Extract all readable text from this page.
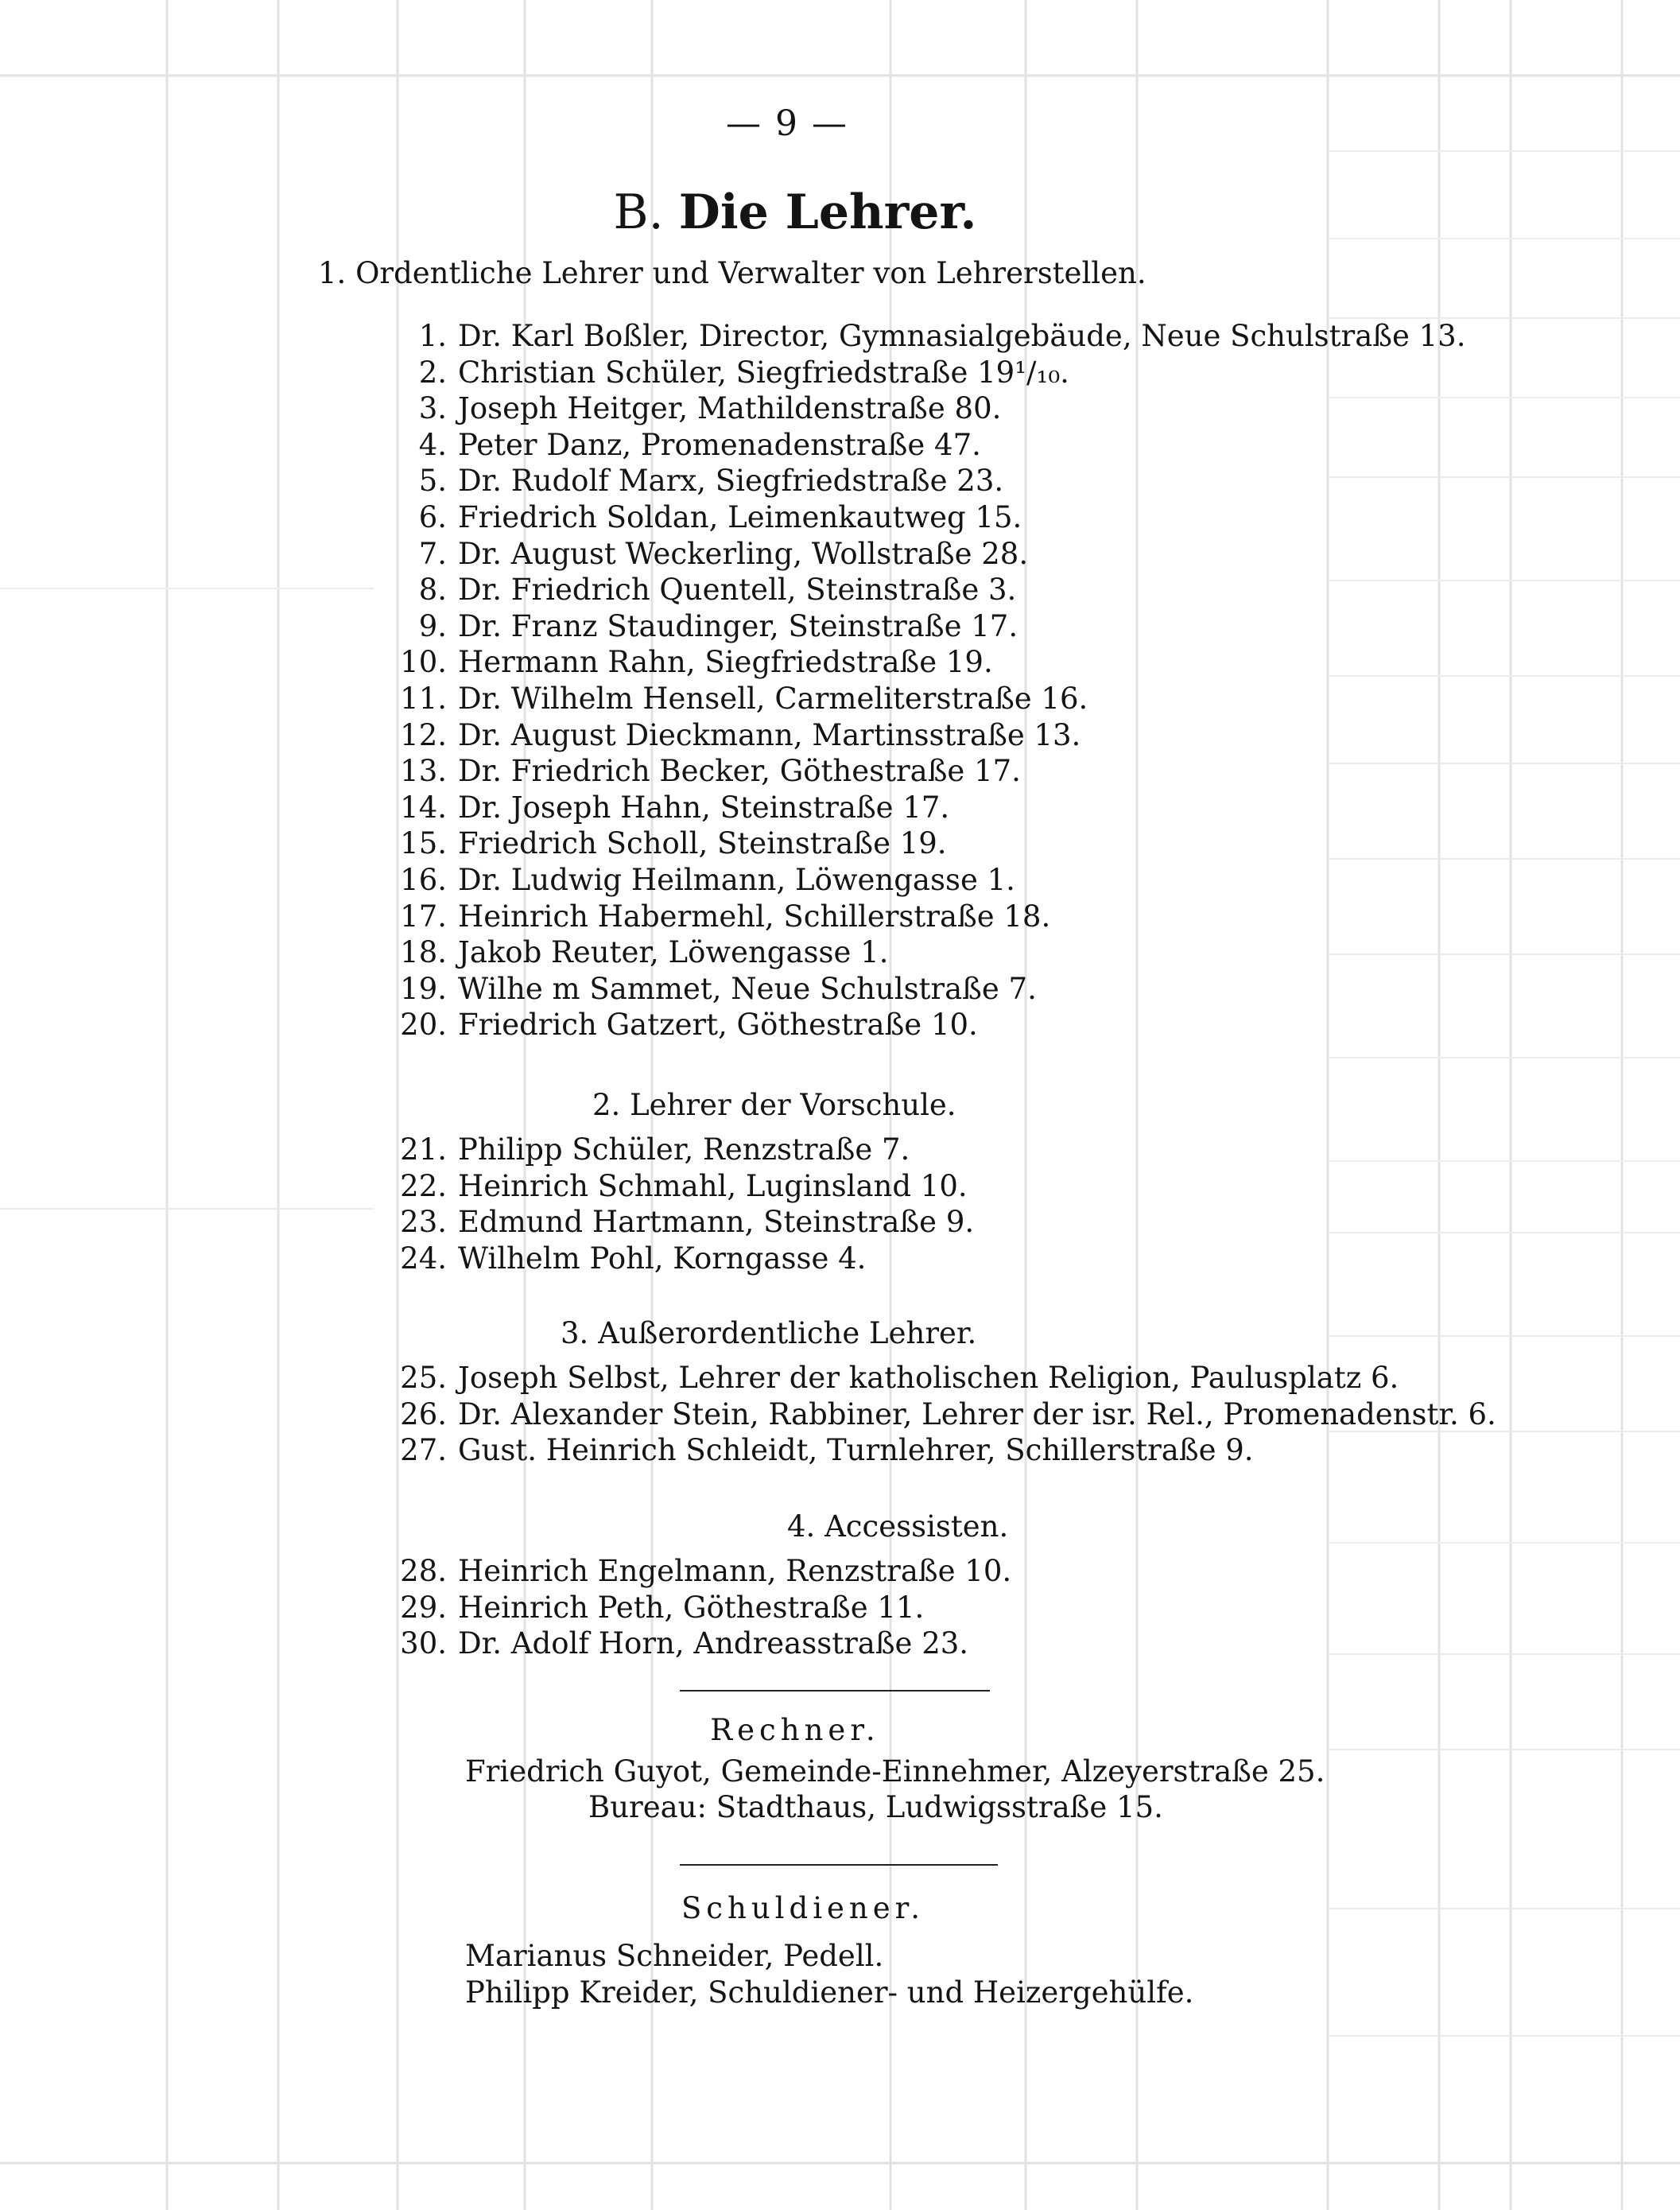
— 9 —
B. Die Lehrer.
1. Ordentliche Lehrer und Verwalter von Lehrerstellen.
1. Dr. Karl Boßler, Director, Gymnasialgebäude, Neue Schulstraße 13.
2. Christian Schüler, Siegfriedstraße 19¹/₁₀.
3. Joseph Heitger, Mathildenstraße 80.
4. Peter Danz, Promenadenstraße 47.
5. Dr. Rudolf Marx, Siegfriedstraße 23.
6. Friedrich Soldan, Leimenkautweg 15.
7. Dr. August Weckerling, Wollstraße 28.
8. Dr. Friedrich Quentell, Steinstraße 3.
9. Dr. Franz Staudinger, Steinstraße 17.
10. Hermann Rahn, Siegfriedstraße 19.
11. Dr. Wilhelm Hensell, Carmeliterstraße 16.
12. Dr. August Dieckmann, Martinsstraße 13.
13. Dr. Friedrich Becker, Göthestraße 17.
14. Dr. Joseph Hahn, Steinstraße 17.
15. Friedrich Scholl, Steinstraße 19.
16. Dr. Ludwig Heilmann, Löwengasse 1.
17. Heinrich Habermehl, Schillerstraße 18.
18. Jakob Reuter, Löwengasse 1.
19. Wilhe m Sammet, Neue Schulstraße 7.
20. Friedrich Gatzert, Göthestraße 10.
2. Lehrer der Vorschule.
21. Philipp Schüler, Renzstraße 7.
22. Heinrich Schmahl, Luginsland 10.
23. Edmund Hartmann, Steinstraße 9.
24. Wilhelm Pohl, Korngasse 4.
3. Außerordentliche Lehrer.
25. Joseph Selbst, Lehrer der katholischen Religion, Paulusplatz 6.
26. Dr. Alexander Stein, Rabbiner, Lehrer der isr. Rel., Promenadenstr. 6.
27. Gust. Heinrich Schleidt, Turnlehrer, Schillerstraße 9.
4. Accessisten.
28. Heinrich Engelmann, Renzstraße 10.
29. Heinrich Peth, Göthestraße 11.
30. Dr. Adolf Horn, Andreasstraße 23.
Rechner.
Friedrich Guyot, Gemeinde-Einnehmer, Alzeyerstraße 25.
Bureau: Stadthaus, Ludwigsstraße 15.
Schuldiener.
Marianus Schneider, Pedell.
Philipp Kreider, Schuldiener- und Heizergehülfe.
